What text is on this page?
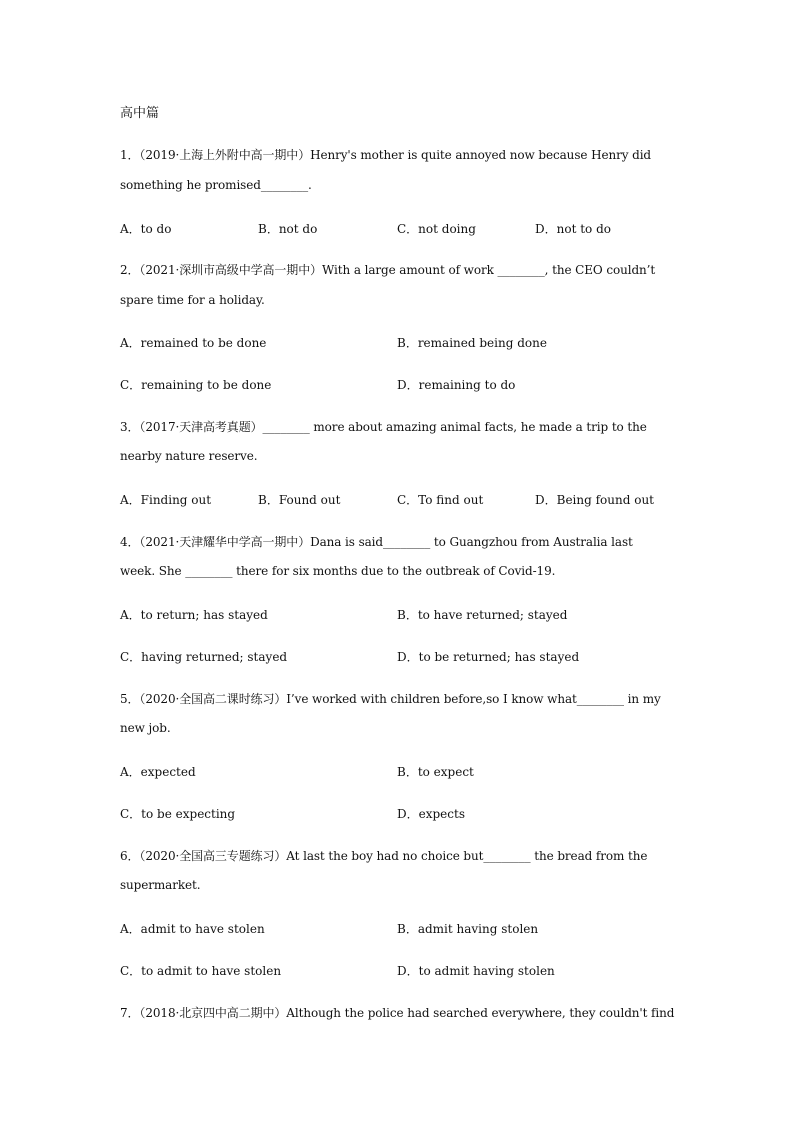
高中篇
1．（2019·上海上外附中高一期中）Henry's mother is quite annoyed now because Henry did
something he promised________.
A．to do	B．not do	C．not doing	D．not to do
2．（2021·深圳市高级中学高一期中）With a large amount of work ________, the CEO couldn’t
spare time for a holiday.
A．remained to be done	B．remained being done
C．remaining to be done	D．remaining to do
3．（2017·天津高考真题）________ more about amazing animal facts, he made a trip to the
nearby nature reserve.
A．Finding out	B．Found out	C．To find out	D．Being found out
4．（2021·天津耀华中学高一期中）Dana is said________ to Guangzhou from Australia last
week. She ________ there for six months due to the outbreak of Covid-19.
A．to return; has stayed	B．to have returned; stayed
C．having returned; stayed	D．to be returned; has stayed
5．（2020·全国高二课时练习）I’ve worked with children before,so I know what________ in my
new job.
A．expected	B．to expect
C．to be expecting	D．expects
6．（2020·全国高三专题练习）At last the boy had no choice but________ the bread from the
supermarket.
A．admit to have stolen	B．admit having stolen
C．to admit to have stolen	D．to admit having stolen
7．（2018·北京四中高二期中）Although the police had searched everywhere, they couldn't find
